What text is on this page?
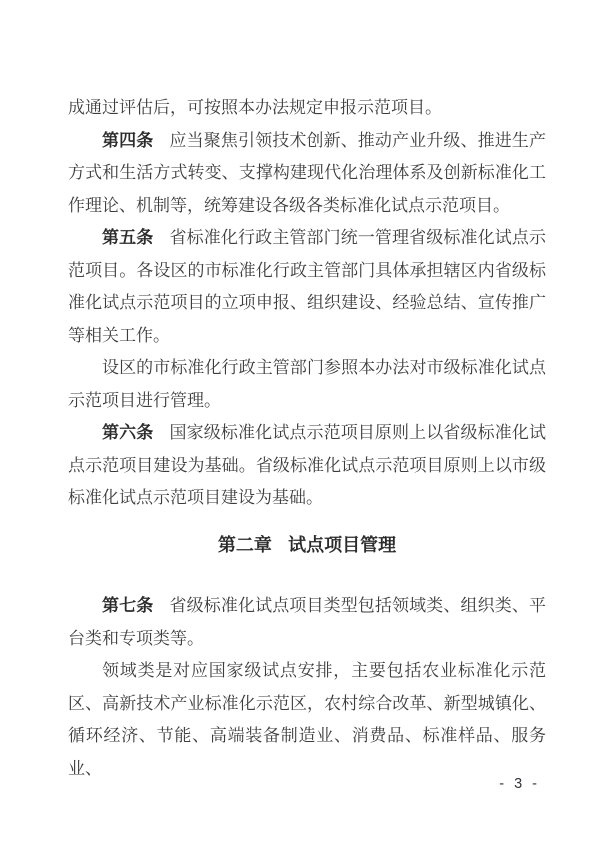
成通过评估后，可按照本办法规定申报示范项目。

第四条 应当聚焦引领技术创新、推动产业升级、推进生产方式和生活方式转变、支撑构建现代化治理体系及创新标准化工作理论、机制等，统筹建设各级各类标准化试点示范项目。

第五条 省标准化行政主管部门统一管理省级标准化试点示范项目。各设区的市标准化行政主管部门具体承担辖区内省级标准化试点示范项目的立项申报、组织建设、经验总结、宣传推广等相关工作。

设区的市标准化行政主管部门参照本办法对市级标准化试点示范项目进行管理。

第六条 国家级标准化试点示范项目原则上以省级标准化试点示范项目建设为基础。省级标准化试点示范项目原则上以市级标准化试点示范项目建设为基础。

第二章 试点项目管理

第七条 省级标准化试点项目类型包括领域类、组织类、平台类和专项类等。

领域类是对应国家级试点安排，主要包括农业标准化示范区、高新技术产业标准化示范区，农村综合改革、新型城镇化、循环经济、节能、高端装备制造业、消费品、标准样品、服务业、

- 3 -
